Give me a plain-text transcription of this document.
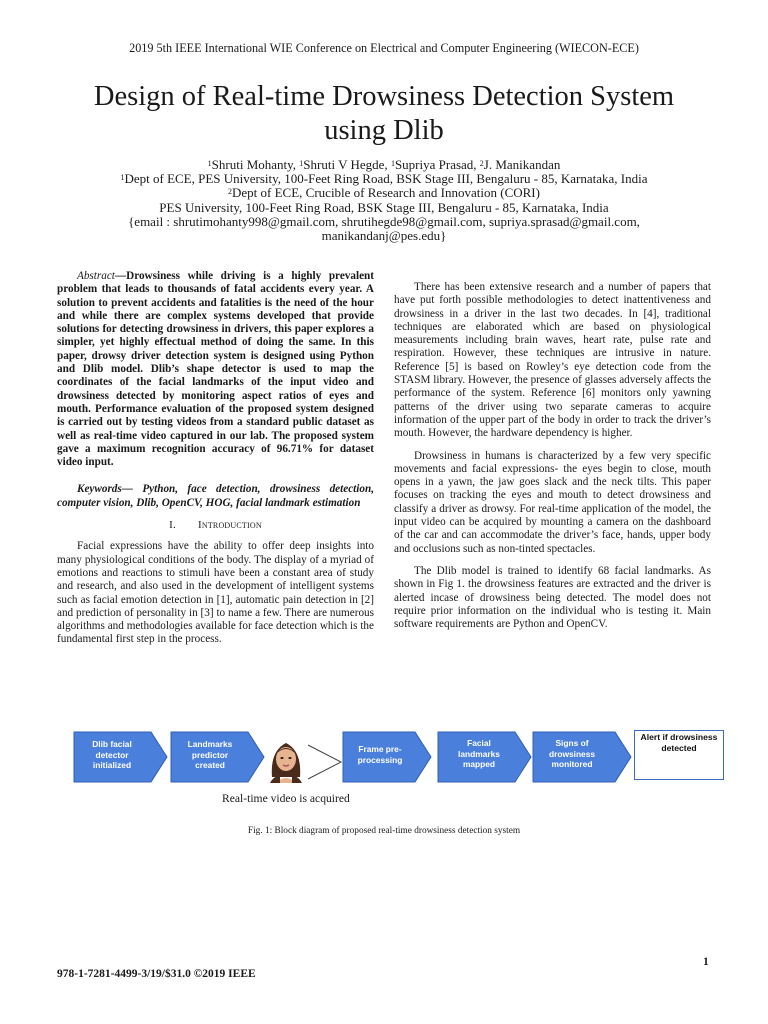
2019 5th IEEE International WIE Conference on Electrical and Computer Engineering (WIECON-ECE)
Design of Real-time Drowsiness Detection System
using Dlib
$^1$Shruti Mohanty, $^1$Shruti V Hegde, $^1$Supriya Prasad, $^2$J. Manikandan
$^1$Dept of ECE, PES University, 100-Feet Ring Road, BSK Stage III, Bengaluru - 85, Karnataka, India
$^2$Dept of ECE, Crucible of Research and Innovation (CORI)
PES University, 100-Feet Ring Road, BSK Stage III, Bengaluru - 85, Karnataka, India
{email : shrutimohanty998@gmail.com, shrutihegde98@gmail.com, supriya.sprasad@gmail.com,
manikandanj@pes.edu}

Abstract—Drowsiness while driving is a highly prevalent problem that leads to thousands of fatal accidents every year. A solution to prevent accidents and fatalities is the need of the hour and while there are complex systems developed that provide solutions for detecting drowsiness in drivers, this paper explores a simpler, yet highly effectual method of doing the same. In this paper, drowsy driver detection system is designed using Python and Dlib model. Dlib’s shape detector is used to map the coordinates of the facial landmarks of the input video and drowsiness detected by monitoring aspect ratios of eyes and mouth. Performance evaluation of the proposed system designed is carried out by testing videos from a standard public dataset as well as real-time video captured in our lab. The proposed system gave a maximum recognition accuracy of 96.71% for dataset video input.

Keywords— Python, face detection, drowsiness detection, computer vision, Dlib, OpenCV, HOG, facial landmark estimation

I. Introduction

Facial expressions have the ability to offer deep insights into many physiological conditions of the body. The display of a myriad of emotions and reactions to stimuli have been a constant area of study and research, and also used in the development of intelligent systems such as facial emotion detection in [1], automatic pain detection in [2] and prediction of personality in [3] to name a few. There are numerous algorithms and methodologies available for face detection which is the fundamental first step in the process.

There has been extensive research and a number of papers that have put forth possible methodologies to detect inattentiveness and drowsiness in a driver in the last two decades. In [4], traditional techniques are elaborated which are based on physiological measurements including brain waves, heart rate, pulse rate and respiration. However, these techniques are intrusive in nature. Reference [5] is based on Rowley’s eye detection code from the STASM library. However, the presence of glasses adversely affects the performance of the system. Reference [6] monitors only yawning patterns of the driver using two separate cameras to acquire information of the upper part of the body in order to track the driver’s mouth. However, the hardware dependency is higher.

Drowsiness in humans is characterized by a few very specific movements and facial expressions- the eyes begin to close, mouth opens in a yawn, the jaw goes slack and the neck tilts. This paper focuses on tracking the eyes and mouth to detect drowsiness and classify a driver as drowsy. For real-time application of the model, the input video can be acquired by mounting a camera on the dashboard of the car and can accommodate the driver’s face, hands, upper body and occlusions such as non-tinted spectacles.

The Dlib model is trained to identify 68 facial landmarks. As shown in Fig 1. the drowsiness features are extracted and the driver is alerted incase of drowsiness being detected. The model does not require prior information on the individual who is testing it. Main software requirements are Python and OpenCV.

Dlib facial
detector
initialized
Landmarks
predictor
created
Frame pre-
processing
Facial
landmarks
mapped
Signs of
drowsiness
monitored
Alert if drowsiness
detected
Real-time video is acquired
Fig. 1: Block diagram of proposed real-time drowsiness detection system
1
978-1-7281-4499-3/19/$31.0 ©2019 IEEE
